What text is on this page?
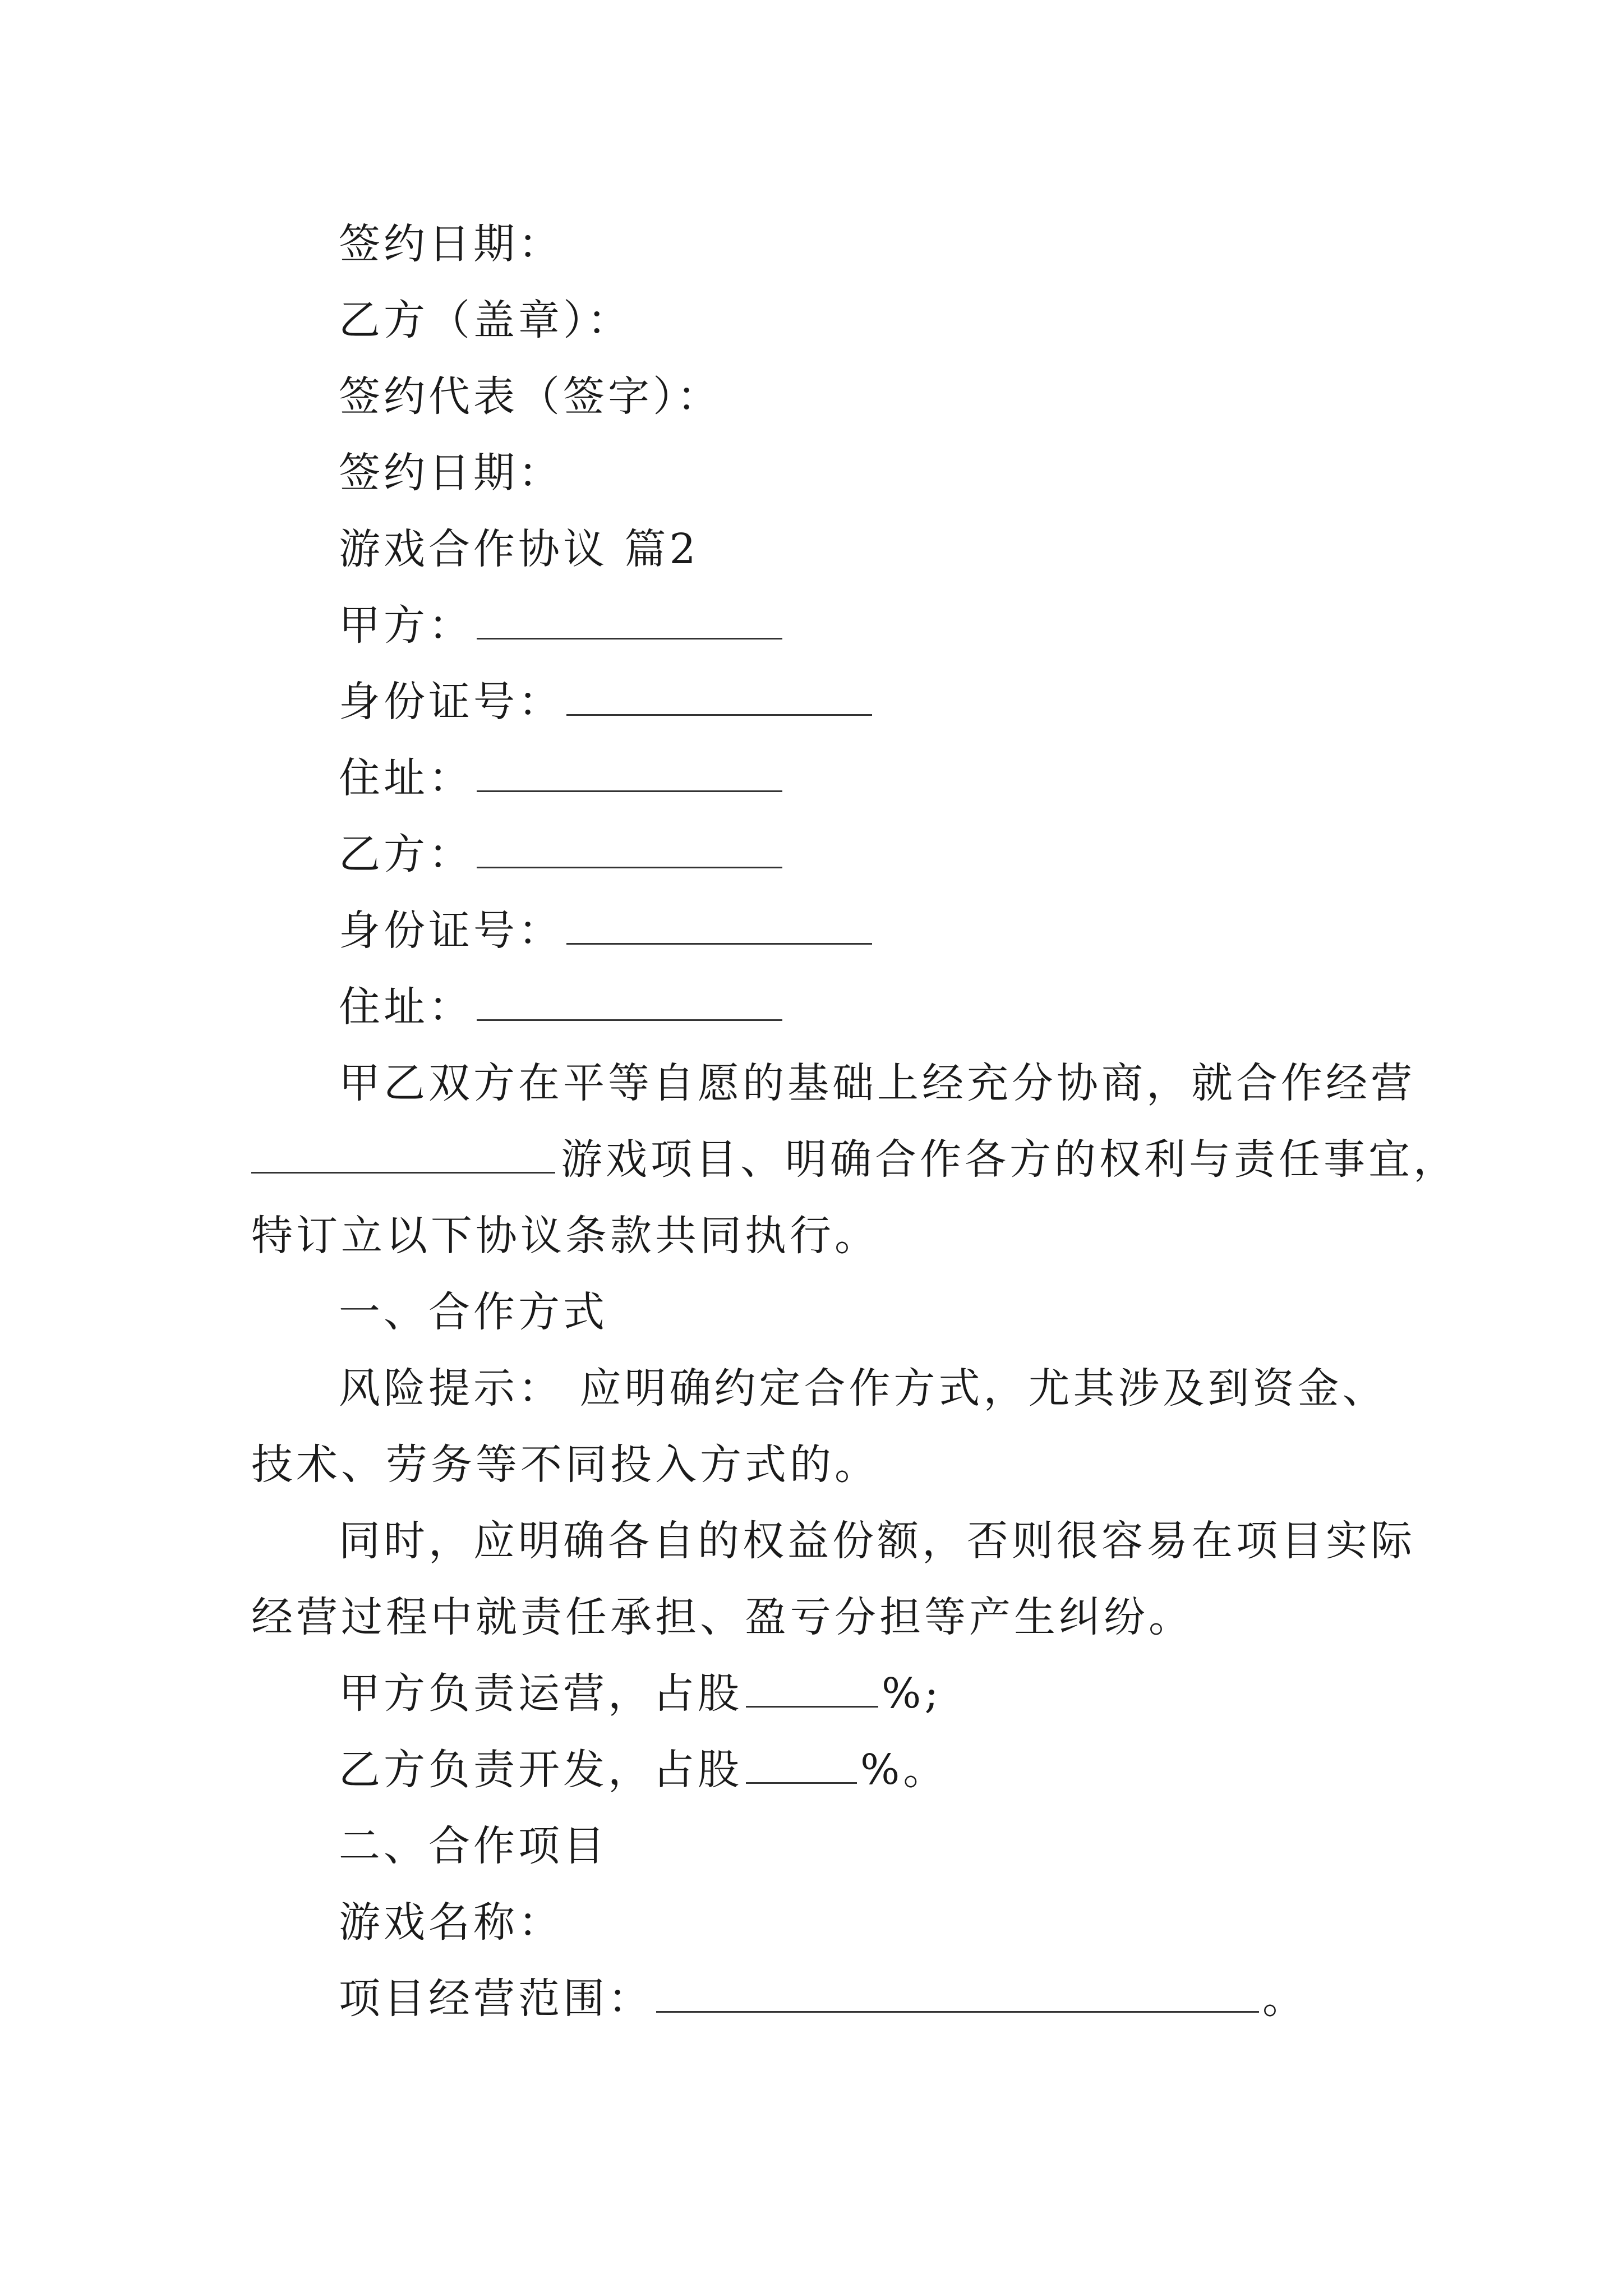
签约日期：
乙方（盖章）：
签约代表（签字）：
签约日期：
游戏合作协议 篇2
甲方：
身份证号：
住址：
乙方：
身份证号：
住址：
甲乙双方在平等自愿的基础上经充分协商，就合作经营
游戏项目、明确合作各方的权利与责任事宜，
特订立以下协议条款共同执行。
一、合作方式
风险提示： 应明确约定合作方式，尤其涉及到资金、
技术、劳务等不同投入方式的。
同时，应明确各自的权益份额，否则很容易在项目实际
经营过程中就责任承担、盈亏分担等产生纠纷。
甲方负责运营，占股	%;
乙方负责开发，占股	%。
二、合作项目
游戏名称：
项目经营范围：	。
